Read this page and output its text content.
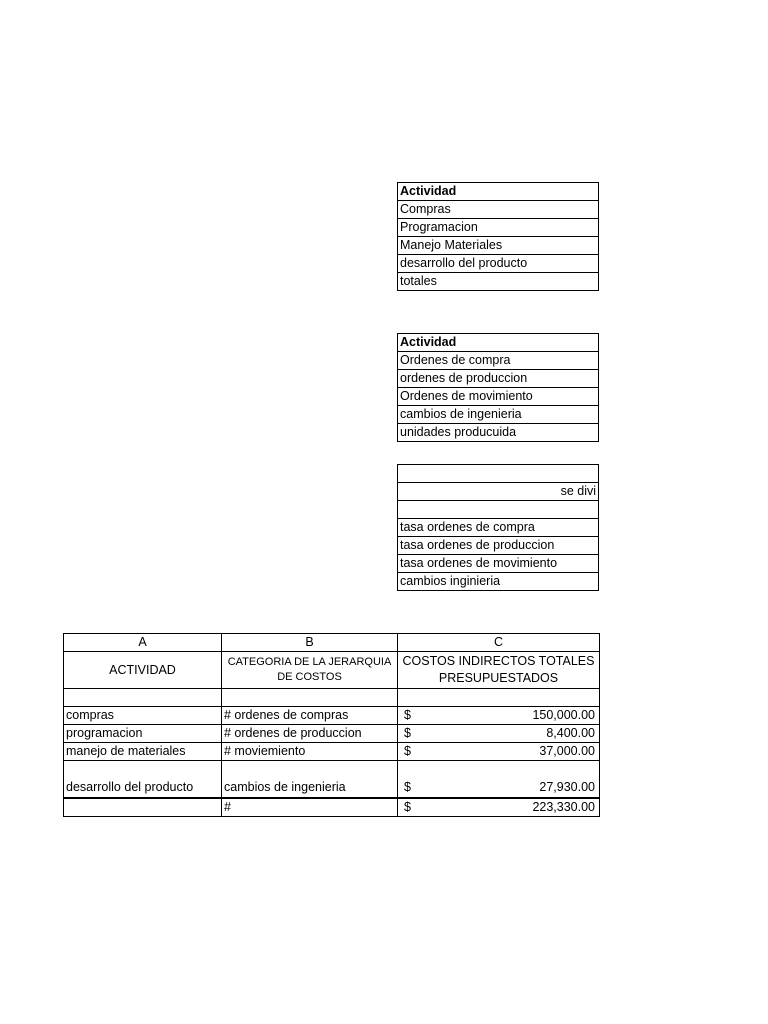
Actividad
Compras
Programacion
Manejo Materiales
desarrollo del producto
totales
Actividad
Ordenes de compra
ordenes de produccion
Ordenes de movimiento
cambios de ingenieria
unidades producuida

se divi

tasa ordenes de compra
tasa ordenes de produccion
tasa ordenes de movimiento
cambios inginieria
A	B	C
ACTIVIDAD	CATEGORIA DE LA JERARQUIA DE COSTOS	COSTOS INDIRECTOS TOTALES PRESUPUESTADOS

compras	# ordenes de compras	$ 150,000.00

programacion	# ordenes de produccion	$ 8,400.00

manejo de materiales	# moviemiento	$ 37,000.00

desarrollo del producto	cambios de ingenieria	$ 27,930.00

	#	$ 223,330.00
